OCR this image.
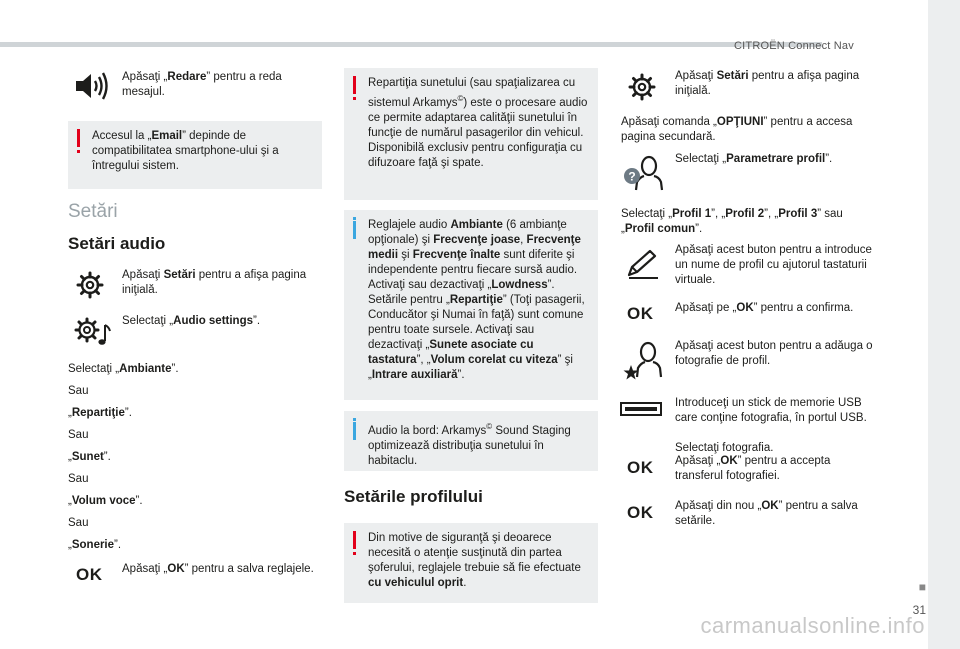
CITROËN Connect Nav
■
31
carmanualsonline.info
Apăsaţi „Redare” pentru a reda mesajul.
Accesul la „Email” depinde de compatibilitatea smartphone-ului şi a întregului sistem.
Setări
Setări audio
Apăsaţi Setări pentru a afişa pagina iniţială.
Selectaţi „Audio settings”.
Selectaţi „Ambiante”.
Sau
„Repartiţie”.
Sau
„Sunet”.
Sau
„Volum voce”.
Sau
„Sonerie”.
OK Apăsaţi „OK” pentru a salva reglajele.
Repartiţia sunetului (sau spaţializarea cu sistemul Arkamys©) este o procesare audio ce permite adaptarea calităţii sunetului în funcţie de numărul pasagerilor din vehicul. Disponibilă exclusiv pentru configuraţia cu difuzoare faţă şi spate.
Reglajele audio Ambiante (6 ambianţe opţionale) şi Frecvenţe joase, Frecvenţe medii şi Frecvenţe înalte sunt diferite şi independente pentru fiecare sursă audio. Activaţi sau dezactivaţi „Lowdness”. Setările pentru „Repartiţie” (Toţi pasagerii, Conducător şi Numai în faţă) sunt comune pentru toate sursele. Activaţi sau dezactivaţi „Sunete asociate cu tastatura”, „Volum corelat cu viteza” şi „Intrare auxiliară”.
Audio la bord: Arkamys© Sound Staging optimizează distribuţia sunetului în habitaclu.
Setările profilului
Din motive de siguranţă şi deoarece necesită o atenţie susţinută din partea şoferului, reglajele trebuie să fie efectuate cu vehiculul oprit.
Apăsaţi Setări pentru a afişa pagina iniţială.
Apăsaţi comanda „OPŢIUNI” pentru a accesa pagina secundară.
?
Selectaţi „Parametrare profil”.
Selectaţi „Profil 1”, „Profil 2”, „Profil 3” sau „Profil comun”.
Apăsaţi acest buton pentru a introduce un nume de profil cu ajutorul tastaturii virtuale.
OK Apăsaţi pe „OK” pentru a confirma.
Apăsaţi acest buton pentru a adăuga o fotografie de profil.
Introduceţi un stick de memorie USB care conţine fotografia, în portul USB.
Selectaţi fotografia.
OK Apăsaţi „OK” pentru a accepta transferul fotografiei.
OK Apăsaţi din nou „OK” pentru a salva setările.
